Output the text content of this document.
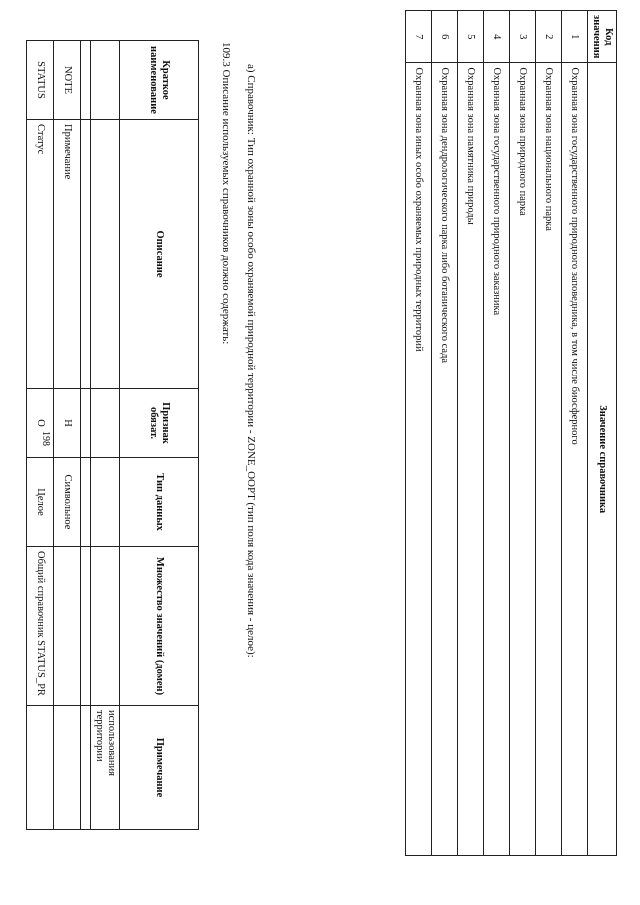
198
Краткое наименование	Описание	Признак обязат.	Тип данных	Множество значений (домен)	Примечание
					использования территории

NOTE	Примечание	Н	Символьное		
STATUS	Статус	О	Целое	Общий справочник STATUS_PR	
109.3 Описание используемых справочников должно содержать: а) Справочник: Тип охранной зоны особо охраняемой природной территории - ZONE_OOPT (тип поля кода значения - целое):
Код значения	Значение справочника
1	Охранная зона государственного природного заповедника, в том числе биосферного
2	Охранная зона национального парка
3	Охранная зона природного парка
4	Охранная зона государственного природного заказника
5	Охранная зона памятника природы
6	Охранная зона дендрологического парка либо ботанического сада
7	Охранная зона иных особо охраняемых природных территорий
